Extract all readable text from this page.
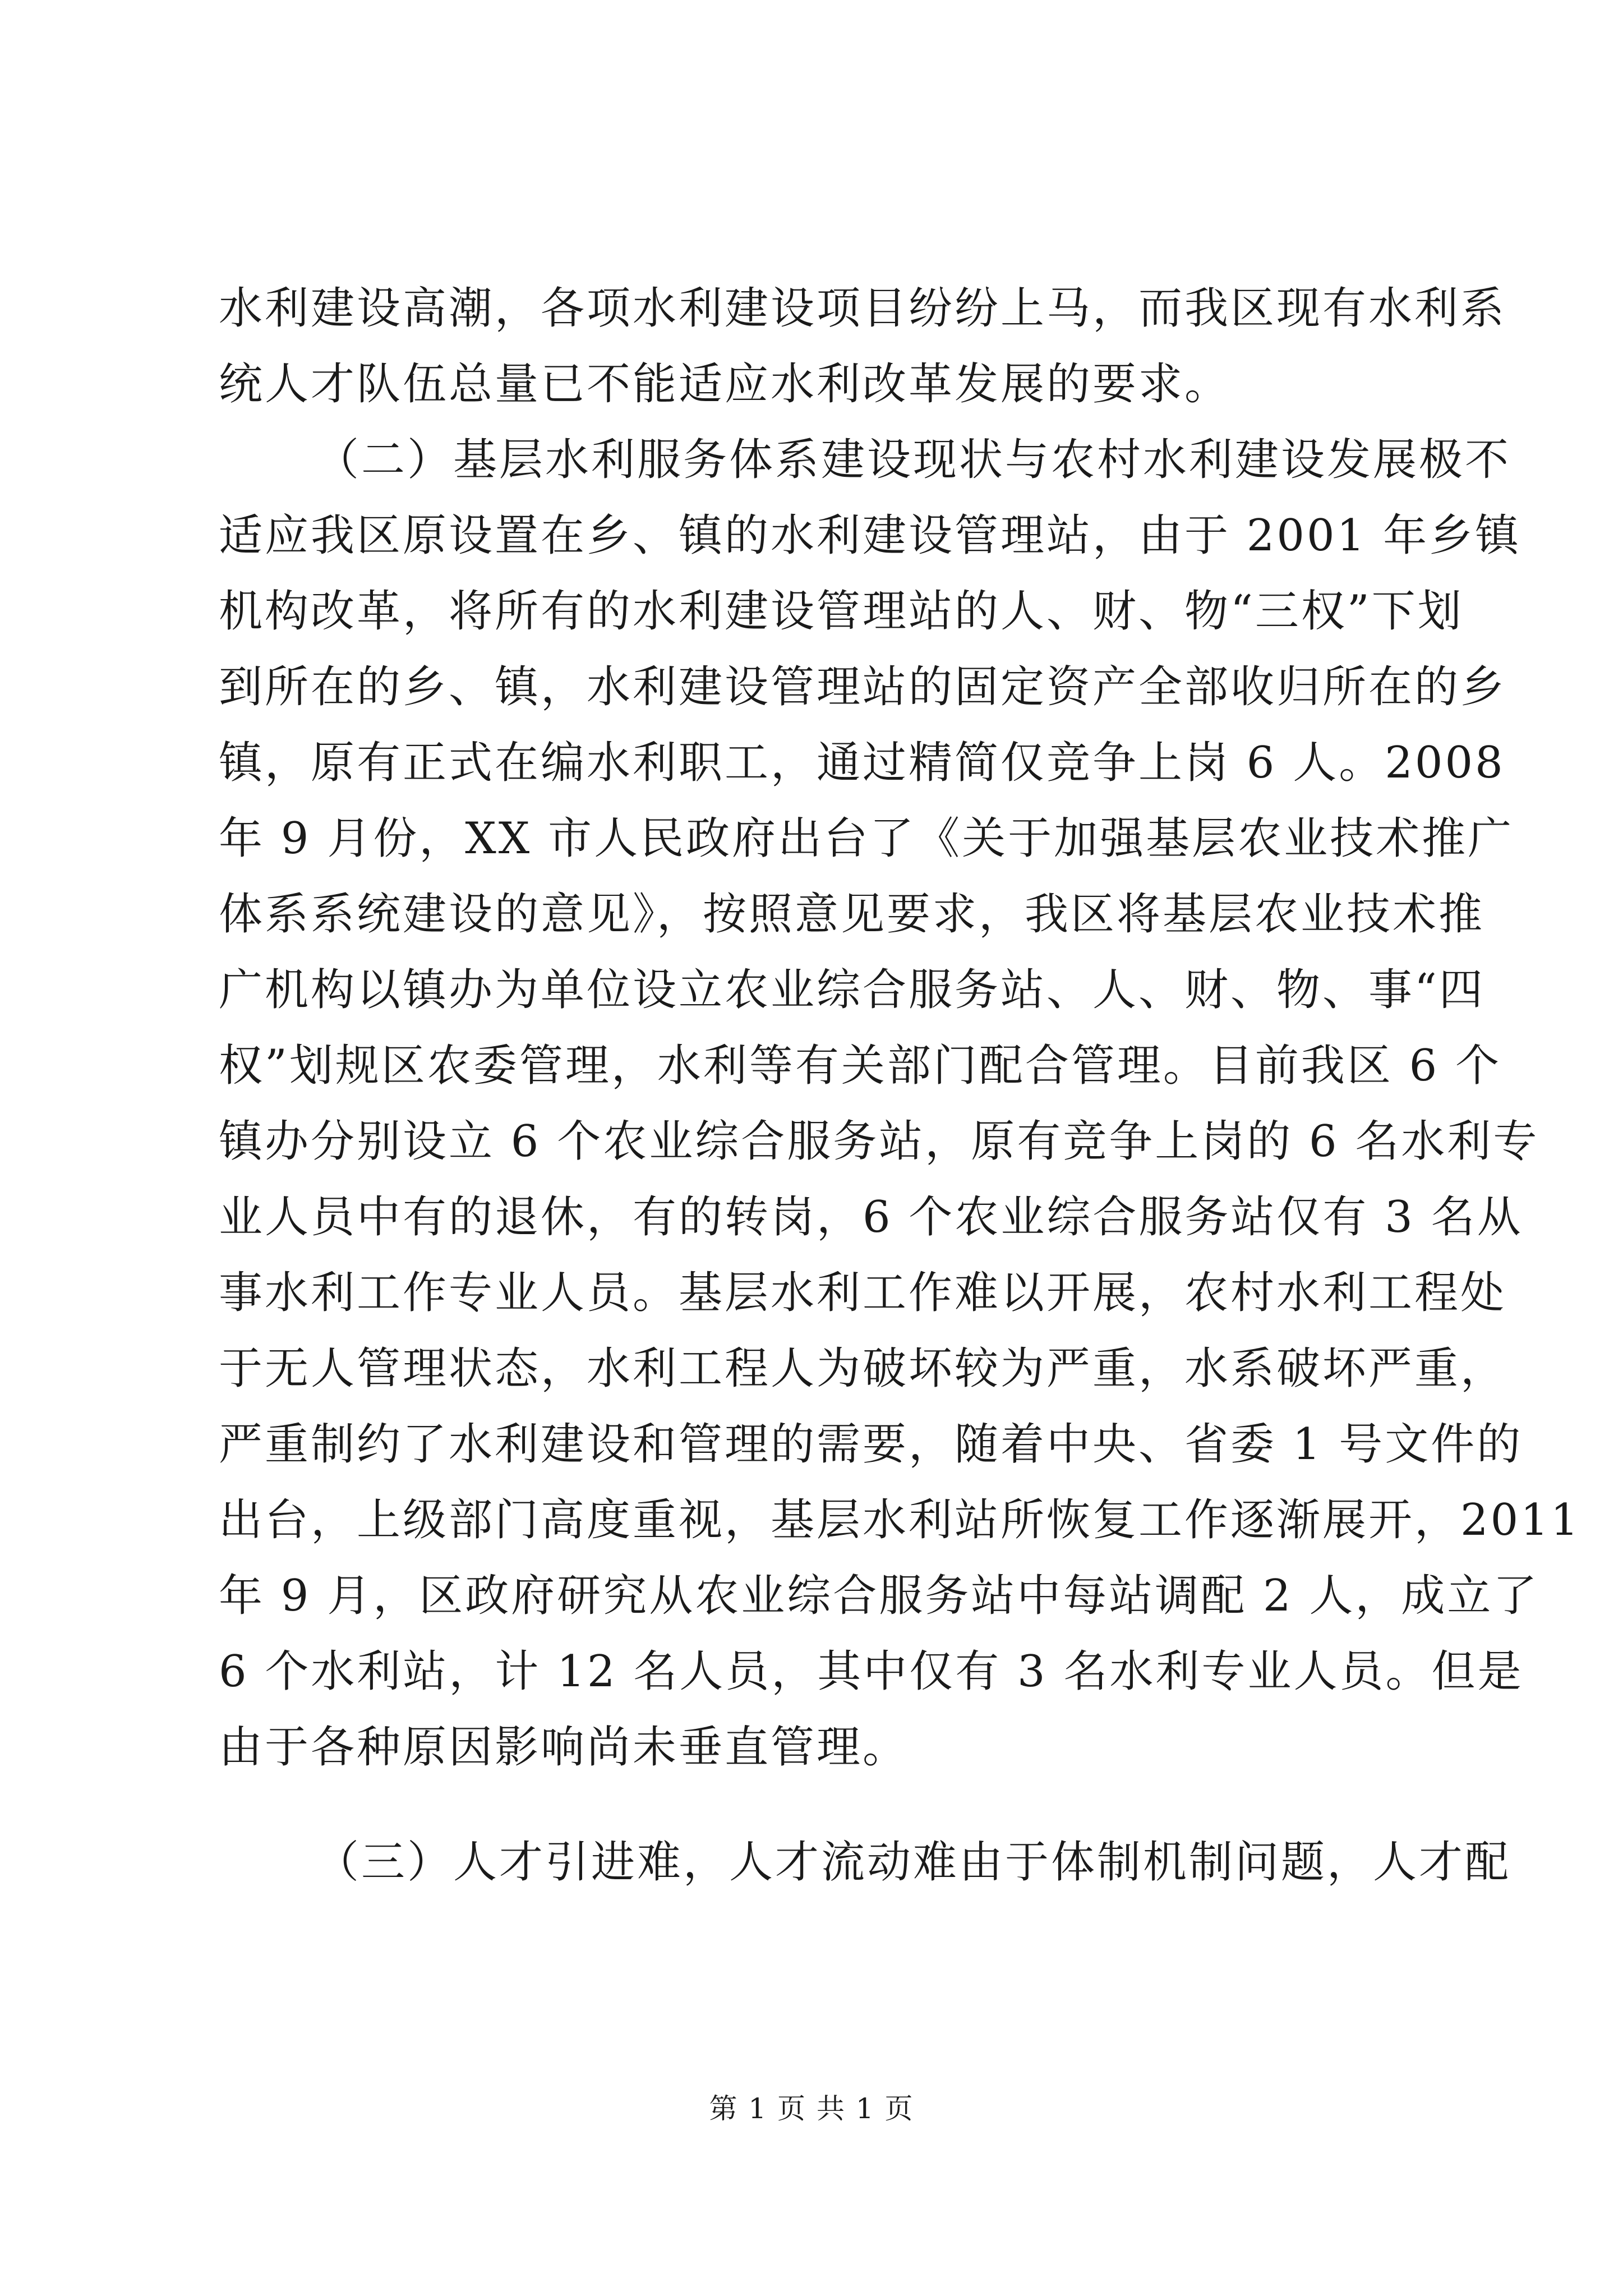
水利建设高潮，各项水利建设项目纷纷上马，而我区现有水利系
统人才队伍总量已不能适应水利改革发展的要求。
（二）基层水利服务体系建设现状与农村水利建设发展极不
适应我区原设置在乡、镇的水利建设管理站，由于 2001 年乡镇
机构改革，将所有的水利建设管理站的人、财、物“三权”下划
到所在的乡、镇，水利建设管理站的固定资产全部收归所在的乡
镇，原有正式在编水利职工，通过精简仅竞争上岗 6 人。2008
年 9 月份，XX 市人民政府出台了《关于加强基层农业技术推广
体系系统建设的意见》，按照意见要求，我区将基层农业技术推
广机构以镇办为单位设立农业综合服务站、人、财、物、事“四
权”划规区农委管理，水利等有关部门配合管理。目前我区 6 个
镇办分别设立 6 个农业综合服务站，原有竞争上岗的 6 名水利专
业人员中有的退休，有的转岗，6 个农业综合服务站仅有 3 名从
事水利工作专业人员。基层水利工作难以开展，农村水利工程处
于无人管理状态，水利工程人为破坏较为严重，水系破坏严重，
严重制约了水利建设和管理的需要，随着中央、省委 1 号文件的
出台，上级部门高度重视，基层水利站所恢复工作逐渐展开，2011
年 9 月，区政府研究从农业综合服务站中每站调配 2 人，成立了
6 个水利站，计 12 名人员，其中仅有 3 名水利专业人员。但是
由于各种原因影响尚未垂直管理。
（三）人才引进难，人才流动难由于体制机制问题，人才配
第 1 页 共 1 页
